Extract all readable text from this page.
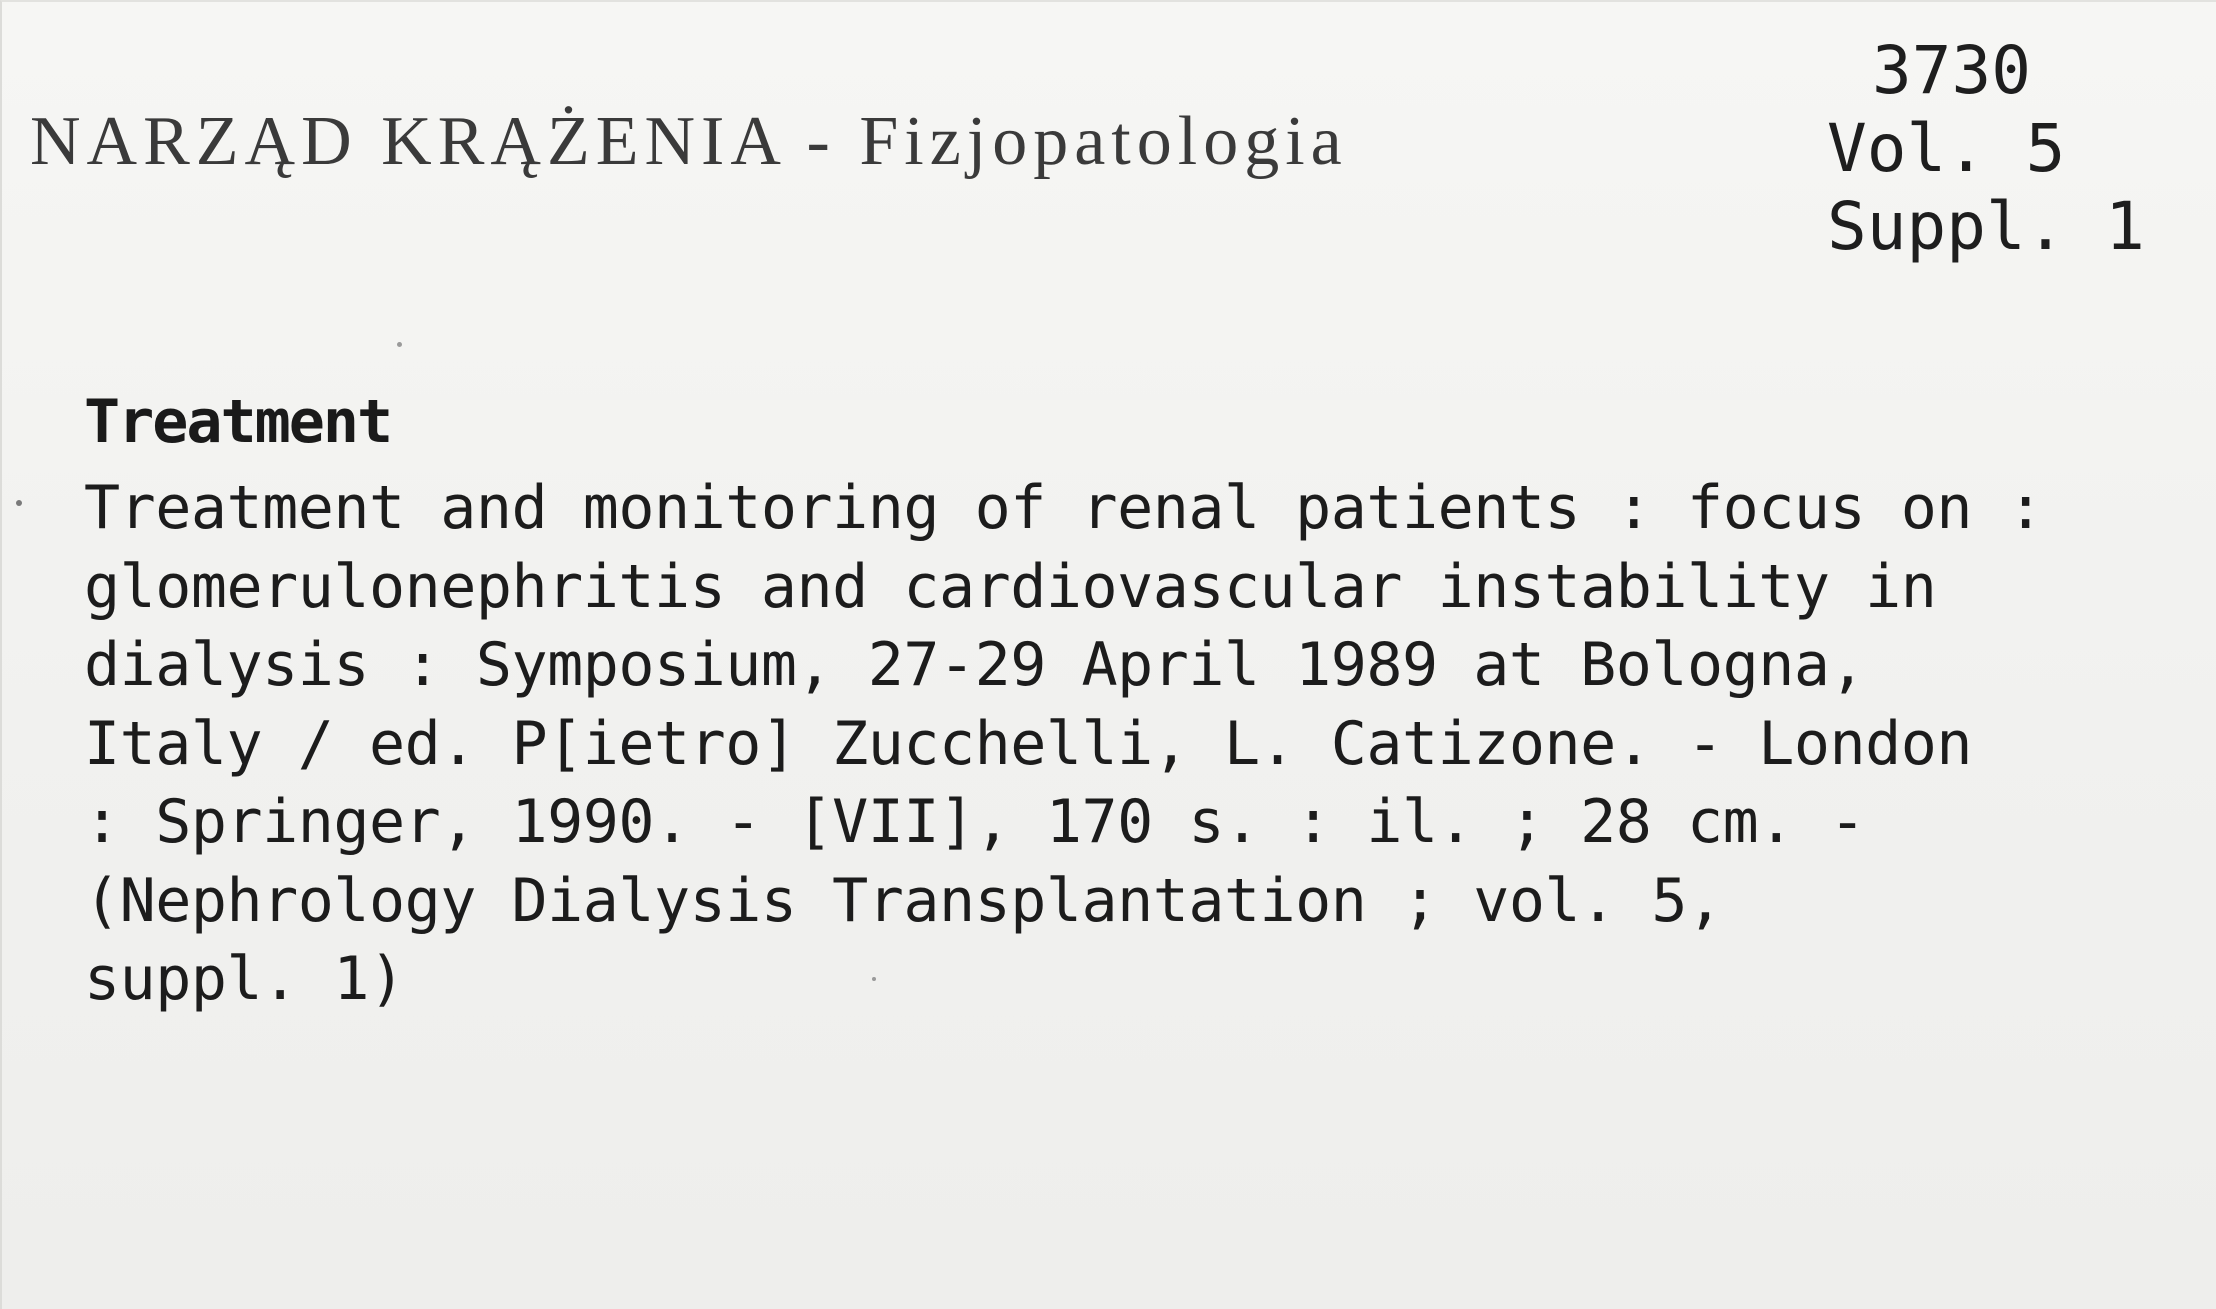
NARZĄD KRĄŻENIA - Fizjopatologia
3730
Vol. 5
Suppl. 1
Treatment
Treatment and monitoring of renal patients : focus on :
glomerulonephritis and cardiovascular instability in
dialysis : Symposium, 27-29 April 1989 at Bologna,
Italy / ed. P[ietro] Zucchelli, L. Catizone. - London
: Springer, 1990. - [VII], 170 s. : il. ; 28 cm. -
(Nephrology Dialysis Transplantation ; vol. 5,
suppl. 1)
